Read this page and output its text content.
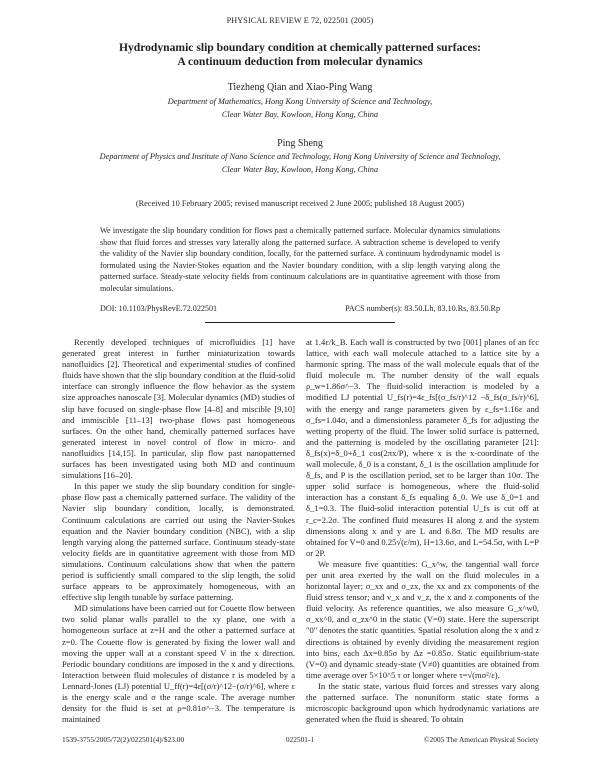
PHYSICAL REVIEW E 72, 022501 (2005)
Hydrodynamic slip boundary condition at chemically patterned surfaces:
A continuum deduction from molecular dynamics
Tiezheng Qian and Xiao-Ping Wang
Department of Mathematics, Hong Kong University of Science and Technology,
Clear Water Bay, Kowloon, Hong Kong, China
Ping Sheng
Department of Physics and Institute of Nano Science and Technology, Hong Kong University of Science and Technology,
Clear Water Bay, Kowloon, Hong Kong, China
(Received 10 February 2005; revised manuscript received 2 June 2005; published 18 August 2005)
We investigate the slip boundary condition for flows past a chemically patterned surface. Molecular dynamics simulations show that fluid forces and stresses vary laterally along the patterned surface. A subtraction scheme is developed to verify the validity of the Navier slip boundary condition, locally, for the patterned surface. A continuum hydrodynamic model is formulated using the Navier-Stokes equation and the Navier boundary condition, with a slip length varying along the patterned surface. Steady-state velocity fields from continuum calculations are in quantitative agreement with those from molecular simulations.
DOI: 10.1103/PhysRevE.72.022501	PACS number(s): 83.50.Lh, 83.10.Rs, 83.50.Rp

Recently developed techniques of microfluidics [1] have generated great interest in further miniaturization towards nanofluidics [2]. Theoretical and experimental studies of confined fluids have shown that the slip boundary condition at the fluid-solid interface can strongly influence the flow behavior as the system size approaches nanoscale [3]. Molecular dynamics (MD) studies of slip have focused on single-phase flow [4–8] and miscible [9,10] and immiscible [11–13] two-phase flows past homogeneous surfaces. On the other hand, chemically patterned surfaces have generated interest in novel control of flow in micro- and nanofluidics [14,15]. In particular, slip flow past nanopatterned surfaces has been investigated using both MD and continuum simulations [16–20].

In this paper we study the slip boundary condition for single-phase flow past a chemically patterned surface. The validity of the Navier slip boundary condition, locally, is demonstrated. Continuum calculations are carried out using the Navier-Stokes equation and the Navier boundary condition (NBC), with a slip length varying along the patterned surface. Continuum steady-state velocity fields are in quantitative agreement with those from MD simulations. Continuum calculations show that when the pattern period is sufficiently small compared to the slip length, the solid surface appears to be approximately homogeneous, with an effective slip length tunable by surface patterning.

MD simulations have been carried out for Couette flow between two solid planar walls parallel to the xy plane, one with a homogeneous surface at z=H and the other a patterned surface at z=0. The Couette flow is generated by fixing the lower wall and moving the upper wall at a constant speed V in the x direction. Periodic boundary conditions are imposed in the x and y directions. Interaction between fluid molecules of distance r is modeled by a Lennard-Jones (LJ) potential U_ff(r)=4ε[(σ/r)^12−(σ/r)^6], where ε is the energy scale and σ the range scale. The average number density for the fluid is set at ρ=0.81σ^−3. The temperature is maintained

at 1.4ε/k_B. Each wall is constructed by two [001] planes of an fcc lattice, with each wall molecule attached to a lattice site by a harmonic spring. The mass of the wall molecule equals that of the fluid molecule m. The number density of the wall equals ρ_w=1.86σ^−3. The fluid-solid interaction is modeled by a modified LJ potential U_fs(r)=4ε_fs[(σ_fs/r)^12 −δ_fs(σ_fs/r)^6], with the energy and range parameters given by ε_fs=1.16ε and σ_fs=1.04σ, and a dimensionless parameter δ_fs for adjusting the wetting property of the fluid. The lower solid surface is patterned, and the patterning is modeled by the oscillating parameter [21]: δ_fs(x)=δ_0+δ_1 cos(2πx/P), where x is the x-coordinate of the wall molecule, δ_0 is a constant, δ_1 is the oscillation amplitude for δ_fs, and P is the oscillation period, set to be larger than 10σ. The upper solid surface is homogeneous, where the fluid-solid interaction has a constant δ_fs equaling δ_0. We use δ_0=1 and δ_1=0.3. The fluid-solid interaction potential U_fs is cut off at r_c=2.2σ. The confined fluid measures H along z and the system dimensions along x and y are L and 6.8σ. The MD results are obtained for V=0 and 0.25√(ε/m), H=13.6σ, and L=54.5σ, with L=P or 2P.

We measure five quantities: G_x^w, the tangential wall force per unit area exerted by the wall on the fluid molecules in a horizontal layer; σ_xx and σ_zx, the xx and zx components of the fluid stress tensor; and v_x and v_z, the x and z components of the fluid velocity. As reference quantities, we also measure G_x^w0, σ_xx^0, and σ_zx^0 in the static (V=0) state. Here the superscript "0" denotes the static quantities. Spatial resolution along the x and z directions is obtained by evenly dividing the measurement region into bins, each Δx=0.85σ by Δz =0.85σ. Static equilibrium-state (V=0) and dynamic steady-state (V≠0) quantities are obtained from time average over 5×10^5 τ or longer where τ=√(mσ²/ε).

In the static state, various fluid forces and stresses vary along the patterned surface. The nonuniform static state forms a microscopic background upon which hydrodynamic variations are generated when the fluid is sheared. To obtain

1539-3755/2005/72(2)/022501(4)/$23.00	022501-1	©2005 The American Physical Society
